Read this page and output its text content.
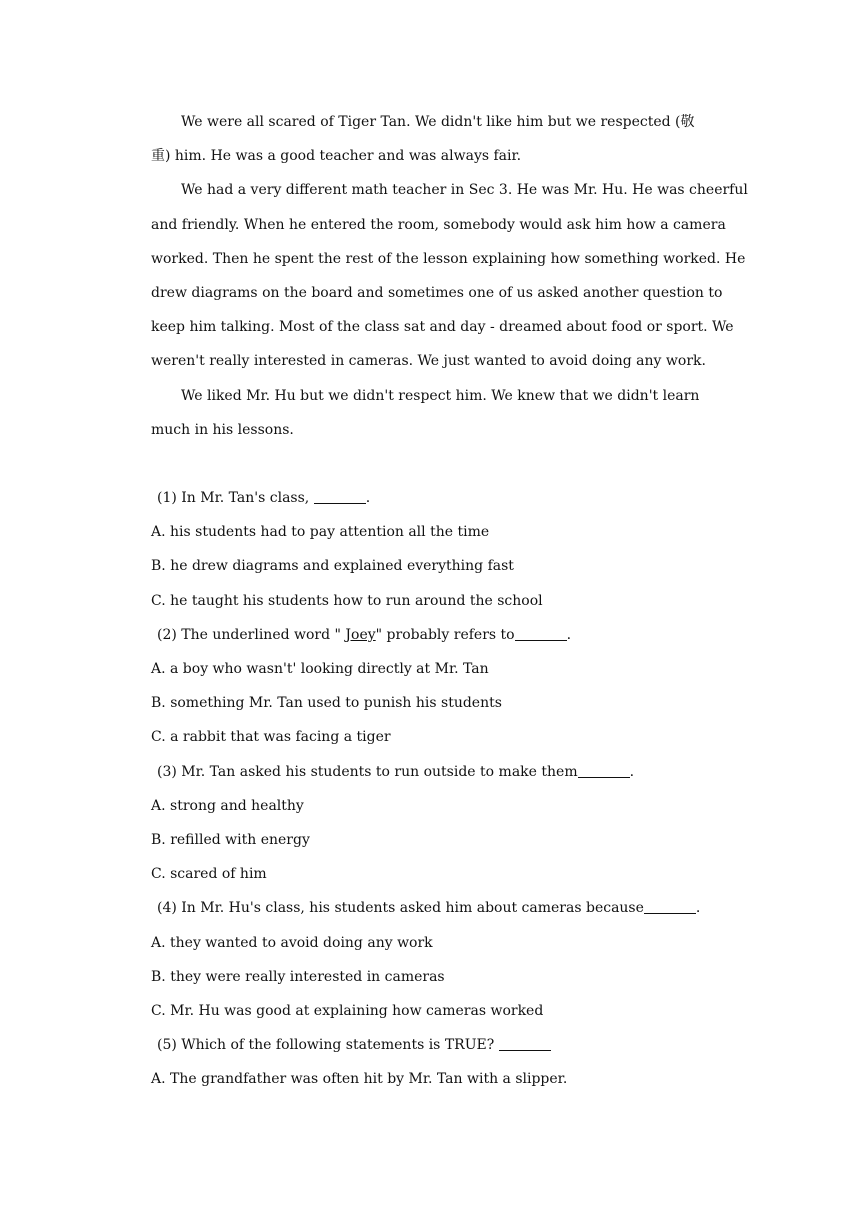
We were all scared of Tiger Tan. We didn't like him but we respected (敬
重) him. He was a good teacher and was always fair.
We had a very different math teacher in Sec 3. He was Mr. Hu. He was cheerful
and friendly. When he entered the room, somebody would ask him how a camera
worked. Then he spent the rest of the lesson explaining how something worked. He
drew diagrams on the board and sometimes one of us asked another question to
keep him talking. Most of the class sat and day - dreamed about food or sport. We
weren't really interested in cameras. We just wanted to avoid doing any work.
We liked Mr. Hu but we didn't respect him. We knew that we didn't learn
much in his lessons.
(1) In Mr. Tan's class,	.
A. his students had to pay attention all the time
B. he drew diagrams and explained everything fast
C. he taught his students how to run around the school
(2) The underlined word " Joey" probably refers to	.
A. a boy who wasn't' looking directly at Mr. Tan
B. something Mr. Tan used to punish his students
C. a rabbit that was facing a tiger
(3) Mr. Tan asked his students to run outside to make them	.
A. strong and healthy
B. refilled with energy
C. scared of him
(4) In Mr. Hu's class, his students asked him about cameras because	.
A. they wanted to avoid doing any work
B. they were really interested in cameras
C. Mr. Hu was good at explaining how cameras worked
(5) Which of the following statements is TRUE?
A. The grandfather was often hit by Mr. Tan with a slipper.
